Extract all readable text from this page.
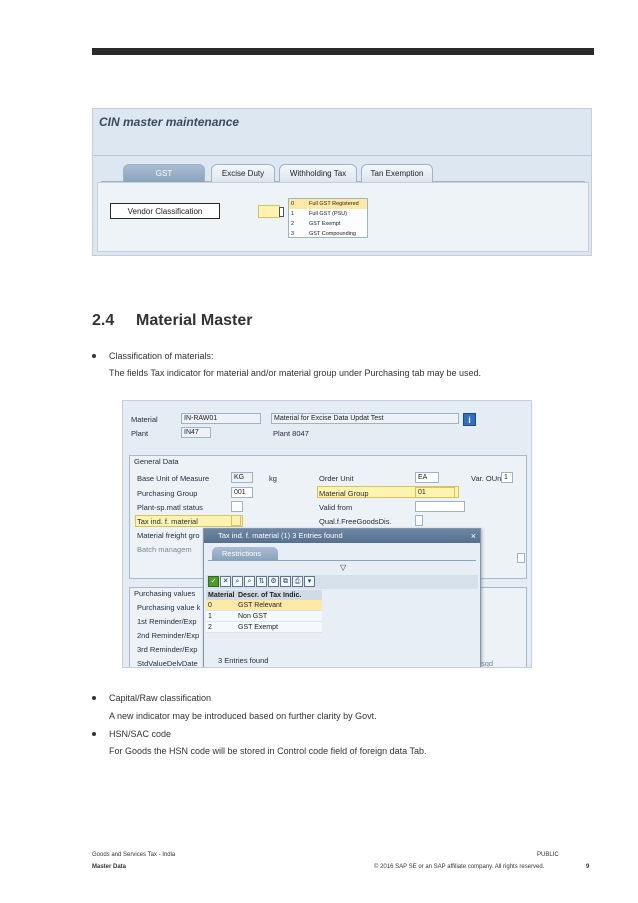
CIN master maintenance
GST	Excise Duty	Withholding Tax	Tan Exemption
Vendor Classification
0	Full GST Registered
1	Full GST (PSU)
2	GST Exempt
3	GST Compounding
2.4 Material Master
Classification of materials:
The fields Tax indicator for material and/or material group under Purchasing tab may be used.
Material	IN-RAW01	Material for Excise Data Updat Test	i
Plant	IN47	Plant 8047
General Data
Base Unit of Measure	KG	kg	Order Unit	EA	Var. OUn 1
Purchasing Group	001	Material Group	01
Plant-sp.matl status	Valid from
Tax ind. f. material	Qual.f.FreeGoodsDis.
Material freight gro
Batch managem
Purchasing values
Purchasing value k
1st Reminder/Exp
2nd Reminder/Exp
3rd Reminder/Exp
StdValueDelvDate	sqd
Tax ind. f. material (1) 3 Entries found	×
Restrictions
▽
✓ ✕	⌕	⌕	⇅ ⚙ ⧉ ⎙	▾
Material Descr. of Tax Indic.
0	GST Relevant
1	Non GST
2	GST Exempt
3 Entries found
Capital/Raw classification
A new indicator may be introduced based on further clarity by Govt.
HSN/SAC code
For Goods the HSN code will be stored in Control code field of foreign data Tab.
Goods and Services Tax - India
Master Data
PUBLIC
© 2016 SAP SE or an SAP affiliate company. All rights reserved.	9
